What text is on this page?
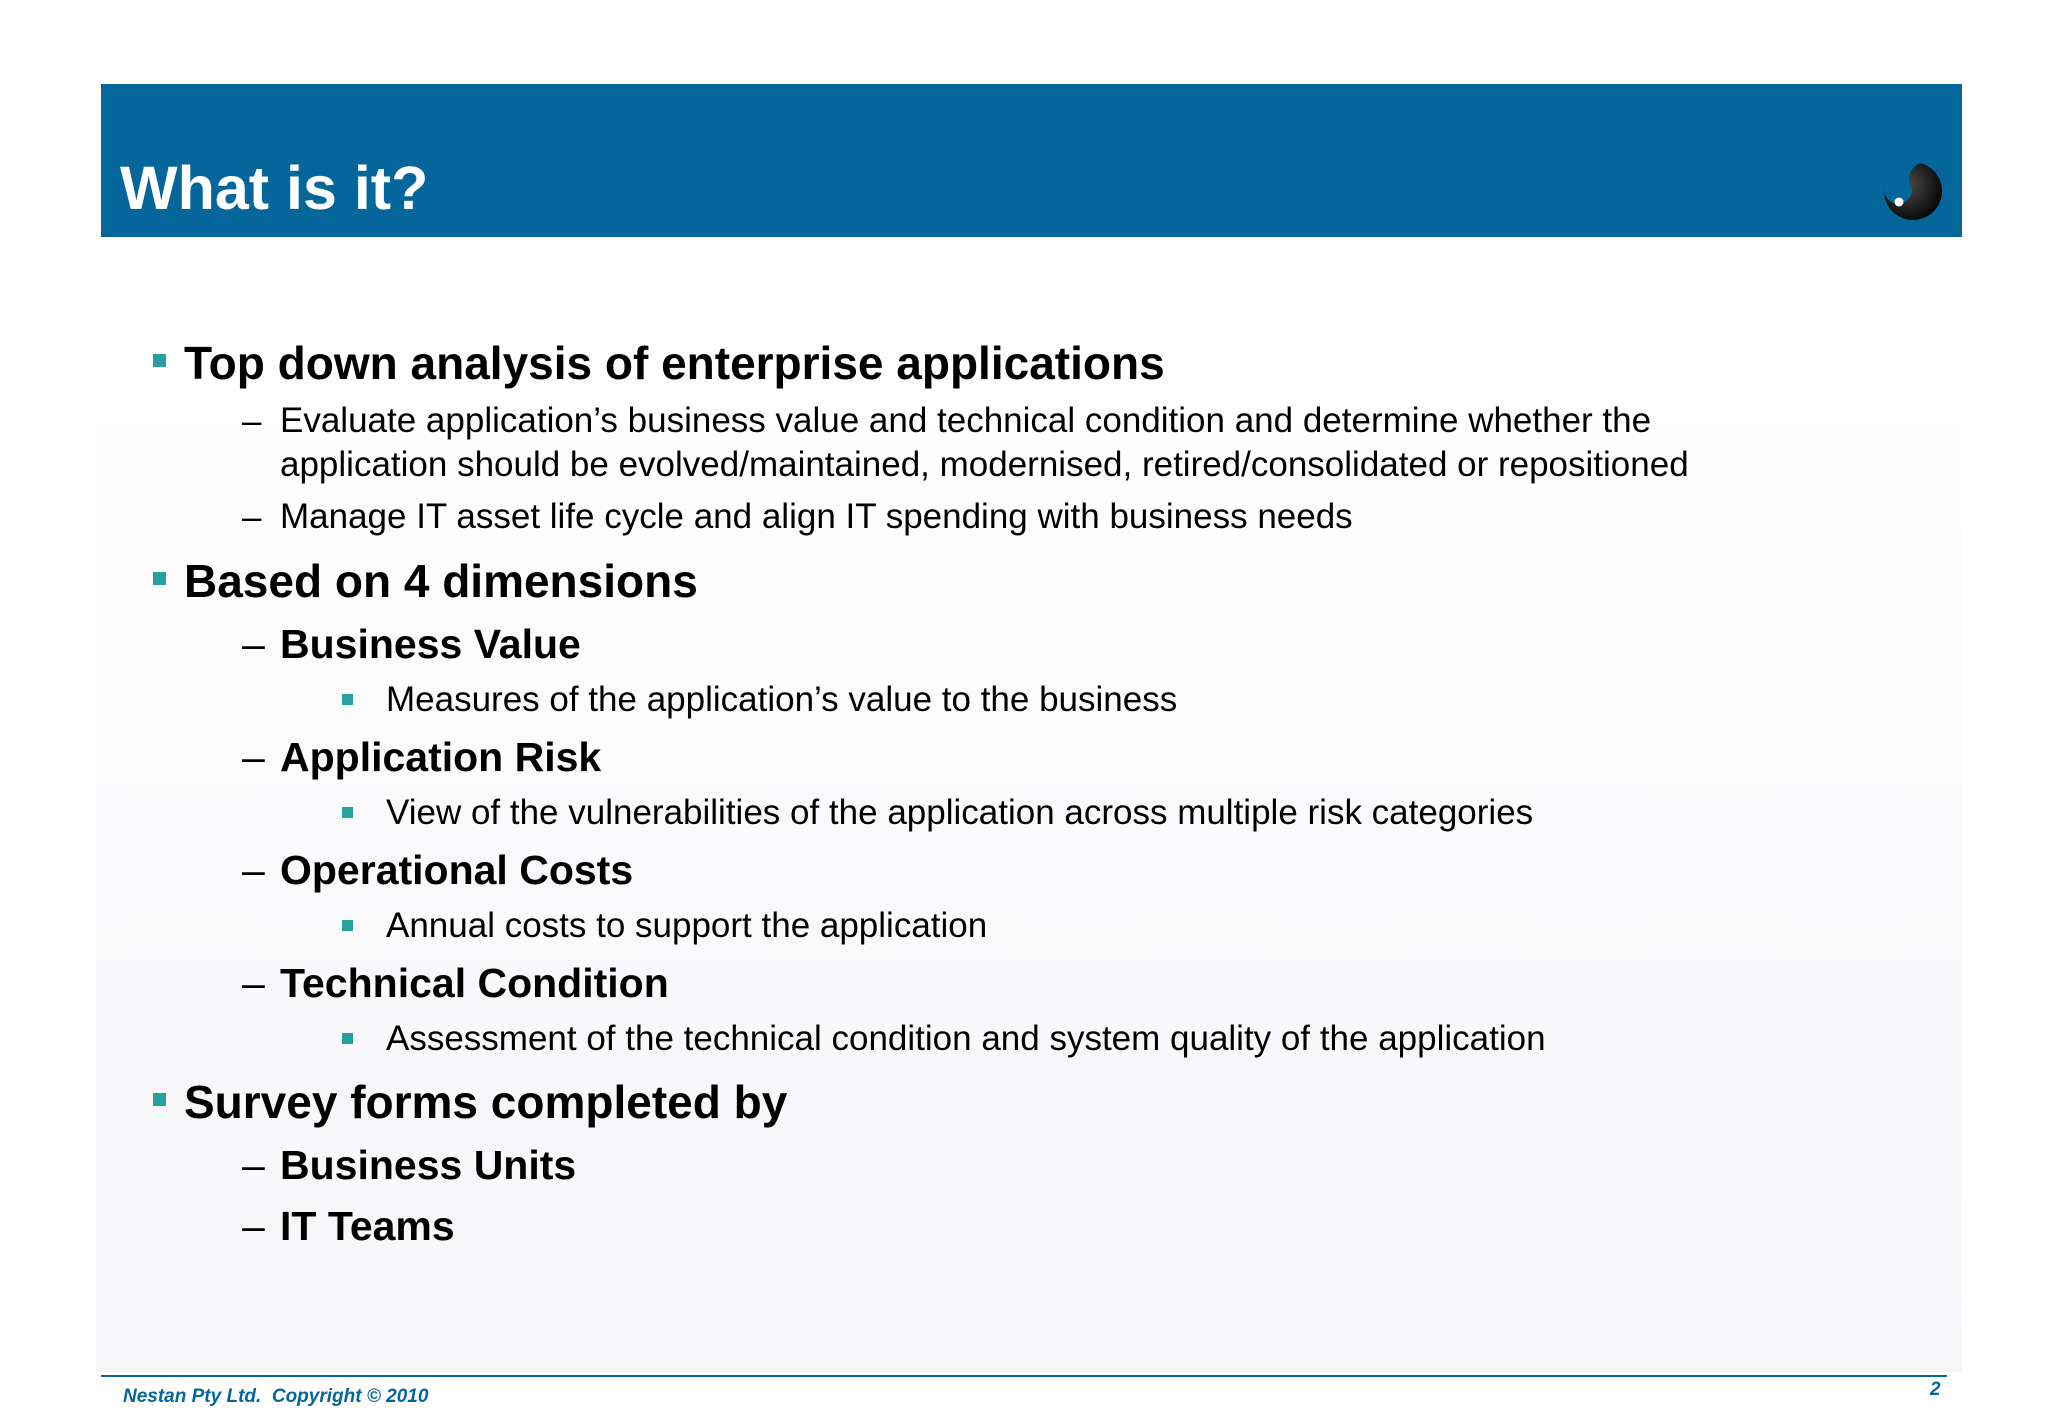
What is it?
Top down analysis of enterprise applications
– Evaluate application’s business value and technical condition and determine whether the application should be evolved/maintained, modernised, retired/consolidated or repositioned
– Manage IT asset life cycle and align IT spending with business needs
Based on 4 dimensions
– Business Value
Measures of the application’s value to the business
– Application Risk
View of the vulnerabilities of the application across multiple risk categories
– Operational Costs
Annual costs to support the application
– Technical Condition
Assessment of the technical condition and system quality of the application
Survey forms completed by
– Business Units
– IT Teams
Nestan Pty Ltd.  Copyright © 2010	2
